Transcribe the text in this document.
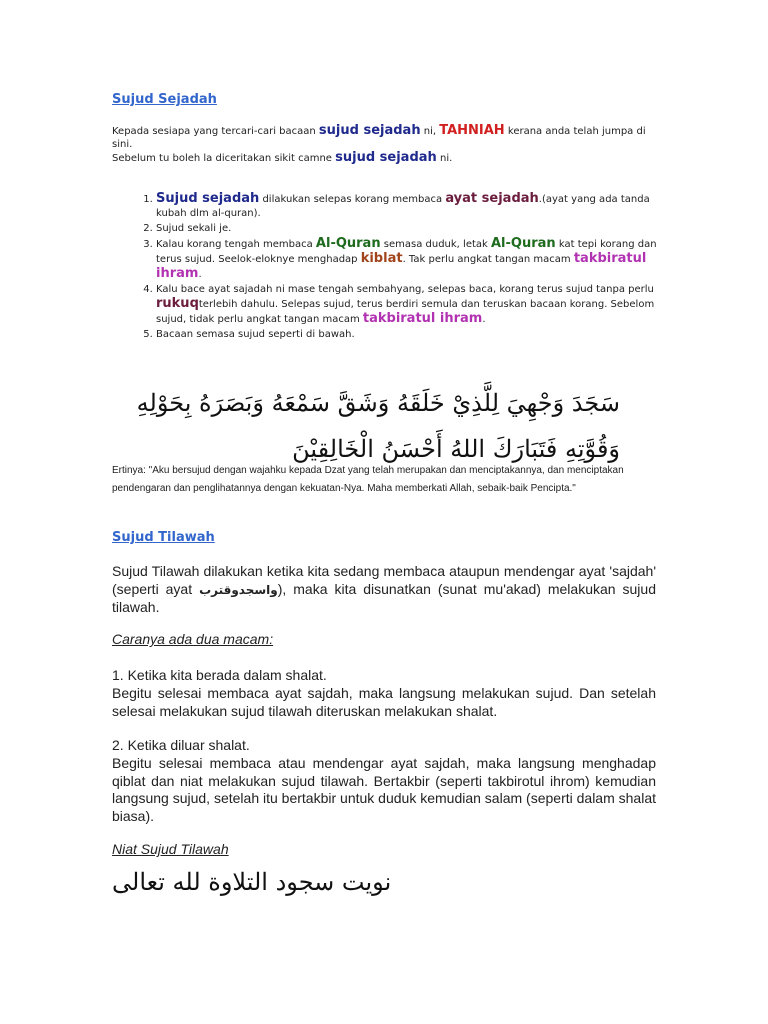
Sujud Sejadah
Kepada sesiapa yang tercari-cari bacaan sujud sejadah ni, TAHNIAH kerana anda telah jumpa di sini.
Sebelum tu boleh la diceritakan sikit camne sujud sejadah ni.
1. Sujud sejadah dilakukan selepas korang membaca ayat sejadah.(ayat yang ada tanda kubah dlm al-quran).
2. Sujud sekali je.
3. Kalau korang tengah membaca Al-Quran semasa duduk, letak Al-Quran kat tepi korang dan terus sujud. Seelok-eloknye menghadap kiblat. Tak perlu angkat tangan macam takbiratul ihram.
4. Kalu bace ayat sajadah ni mase tengah sembahyang, selepas baca, korang terus sujud tanpa perlu rukuqterlebih dahulu. Selepas sujud, terus berdiri semula dan teruskan bacaan korang. Sebelom sujud, tidak perlu angkat tangan macam takbiratul ihram.
5. Bacaan semasa sujud seperti di bawah.
سَجَدَ وَجْهِيَ لِلَّذِيْ خَلَقَهُ وَشَقَّ سَمْعَهُ وَبَصَرَهُ بِحَوْلِهِ وَقُوَّتِهِ فَتَبَارَكَ اللهُ أَحْسَنُ الْخَالِقِيْنَ
Ertinya: "Aku bersujud dengan wajahku kepada Dzat yang telah merupakan dan menciptakannya, dan menciptakan pendengaran dan penglihatannya dengan kekuatan-Nya. Maha memberkati Allah, sebaik-baik Pencipta."
Sujud Tilawah
Sujud Tilawah dilakukan ketika kita sedang membaca ataupun mendengar ayat 'sajdah' (seperti ayat واسجدوقترب), maka kita disunatkan (sunat mu'akad) melakukan sujud tilawah.
Caranya ada dua macam:
1. Ketika kita berada dalam shalat.
Begitu selesai membaca ayat sajdah, maka langsung melakukan sujud. Dan setelah selesai melakukan sujud tilawah diteruskan melakukan shalat.
2. Ketika diluar shalat.
Begitu selesai membaca atau mendengar ayat sajdah, maka langsung menghadap qiblat dan niat melakukan sujud tilawah. Bertakbir (seperti takbirotul ihrom) kemudian langsung sujud, setelah itu bertakbir untuk duduk kemudian salam (seperti dalam shalat biasa).
Niat Sujud Tilawah
نويت سجود التلاوة لله تعالى
